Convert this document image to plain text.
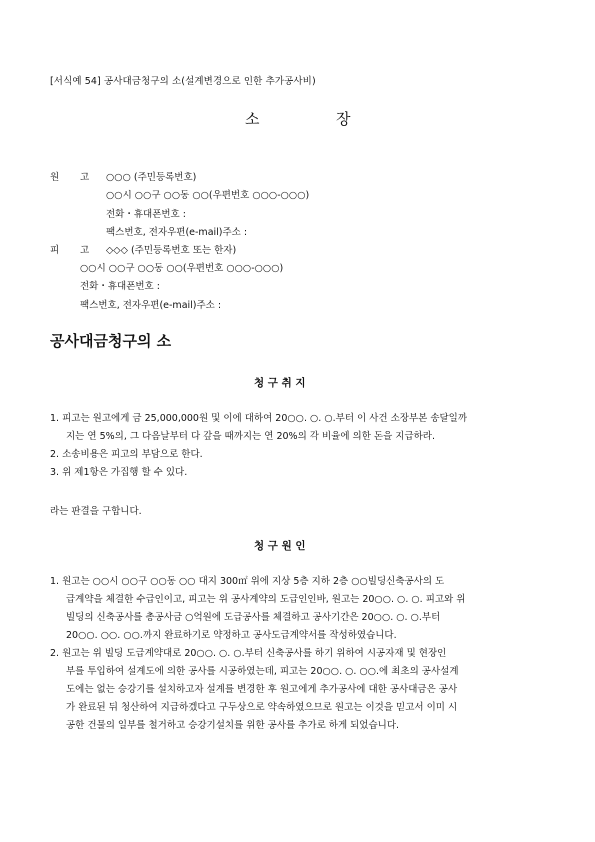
[서식예 54] 공사대금청구의 소(설계변경으로 인한 추가공사비)
소	장
원 고 ○○○ (주민등록번호)
○○시 ○○구 ○○동 ○○(우편번호 ○○○-○○○)
전화・휴대폰번호 :
팩스번호, 전자우편(e-mail)주소 :
피 고 ◇◇◇ (주민등록번호 또는 한자)
○○시 ○○구 ○○동 ○○(우편번호 ○○○-○○○)
전화・휴대폰번호 :
팩스번호, 전자우편(e-mail)주소 :
공사대금청구의 소
청 구 취 지
1. 피고는 원고에게 금 25,000,000원 및 이에 대하여 20○○. ○. ○.부터 이 사건 소장부본 송달일까
지는 연 5%의, 그 다음날부터 다 갚을 때까지는 연 20%의 각 비율에 의한 돈을 지급하라.
2. 소송비용은 피고의 부담으로 한다.
3. 위 제1항은 가집행 할 수 있다.
라는 판결을 구합니다.
청 구 원 인
1. 원고는 ○○시 ○○구 ○○동 ○○ 대지 300㎡ 위에 지상 5층 지하 2층 ○○빌딩신축공사의 도
급계약을 체결한 수급인이고, 피고는 위 공사계약의 도급인인바, 원고는 20○○. ○. ○. 피고와 위
빌딩의 신축공사를 총공사금 ○억원에 도급공사를 체결하고 공사기간은 20○○. ○. ○.부터
20○○. ○○. ○○.까지 완료하기로 약정하고 공사도급계약서를 작성하였습니다.
2. 원고는 위 빌딩 도급계약대로 20○○. ○. ○.부터 신축공사를 하기 위하여 시공자재 및 현장인
부를 투입하여 설계도에 의한 공사를 시공하였는데, 피고는 20○○. ○. ○○.에 최초의 공사설계
도에는 없는 승강기를 설치하고자 설계를 변경한 후 원고에게 추가공사에 대한 공사대금은 공사
가 완료된 뒤 청산하여 지급하겠다고 구두상으로 약속하였으므로 원고는 이것을 믿고서 이미 시
공한 건물의 일부를 철거하고 승강기설치를 위한 공사를 추가로 하게 되었습니다.
